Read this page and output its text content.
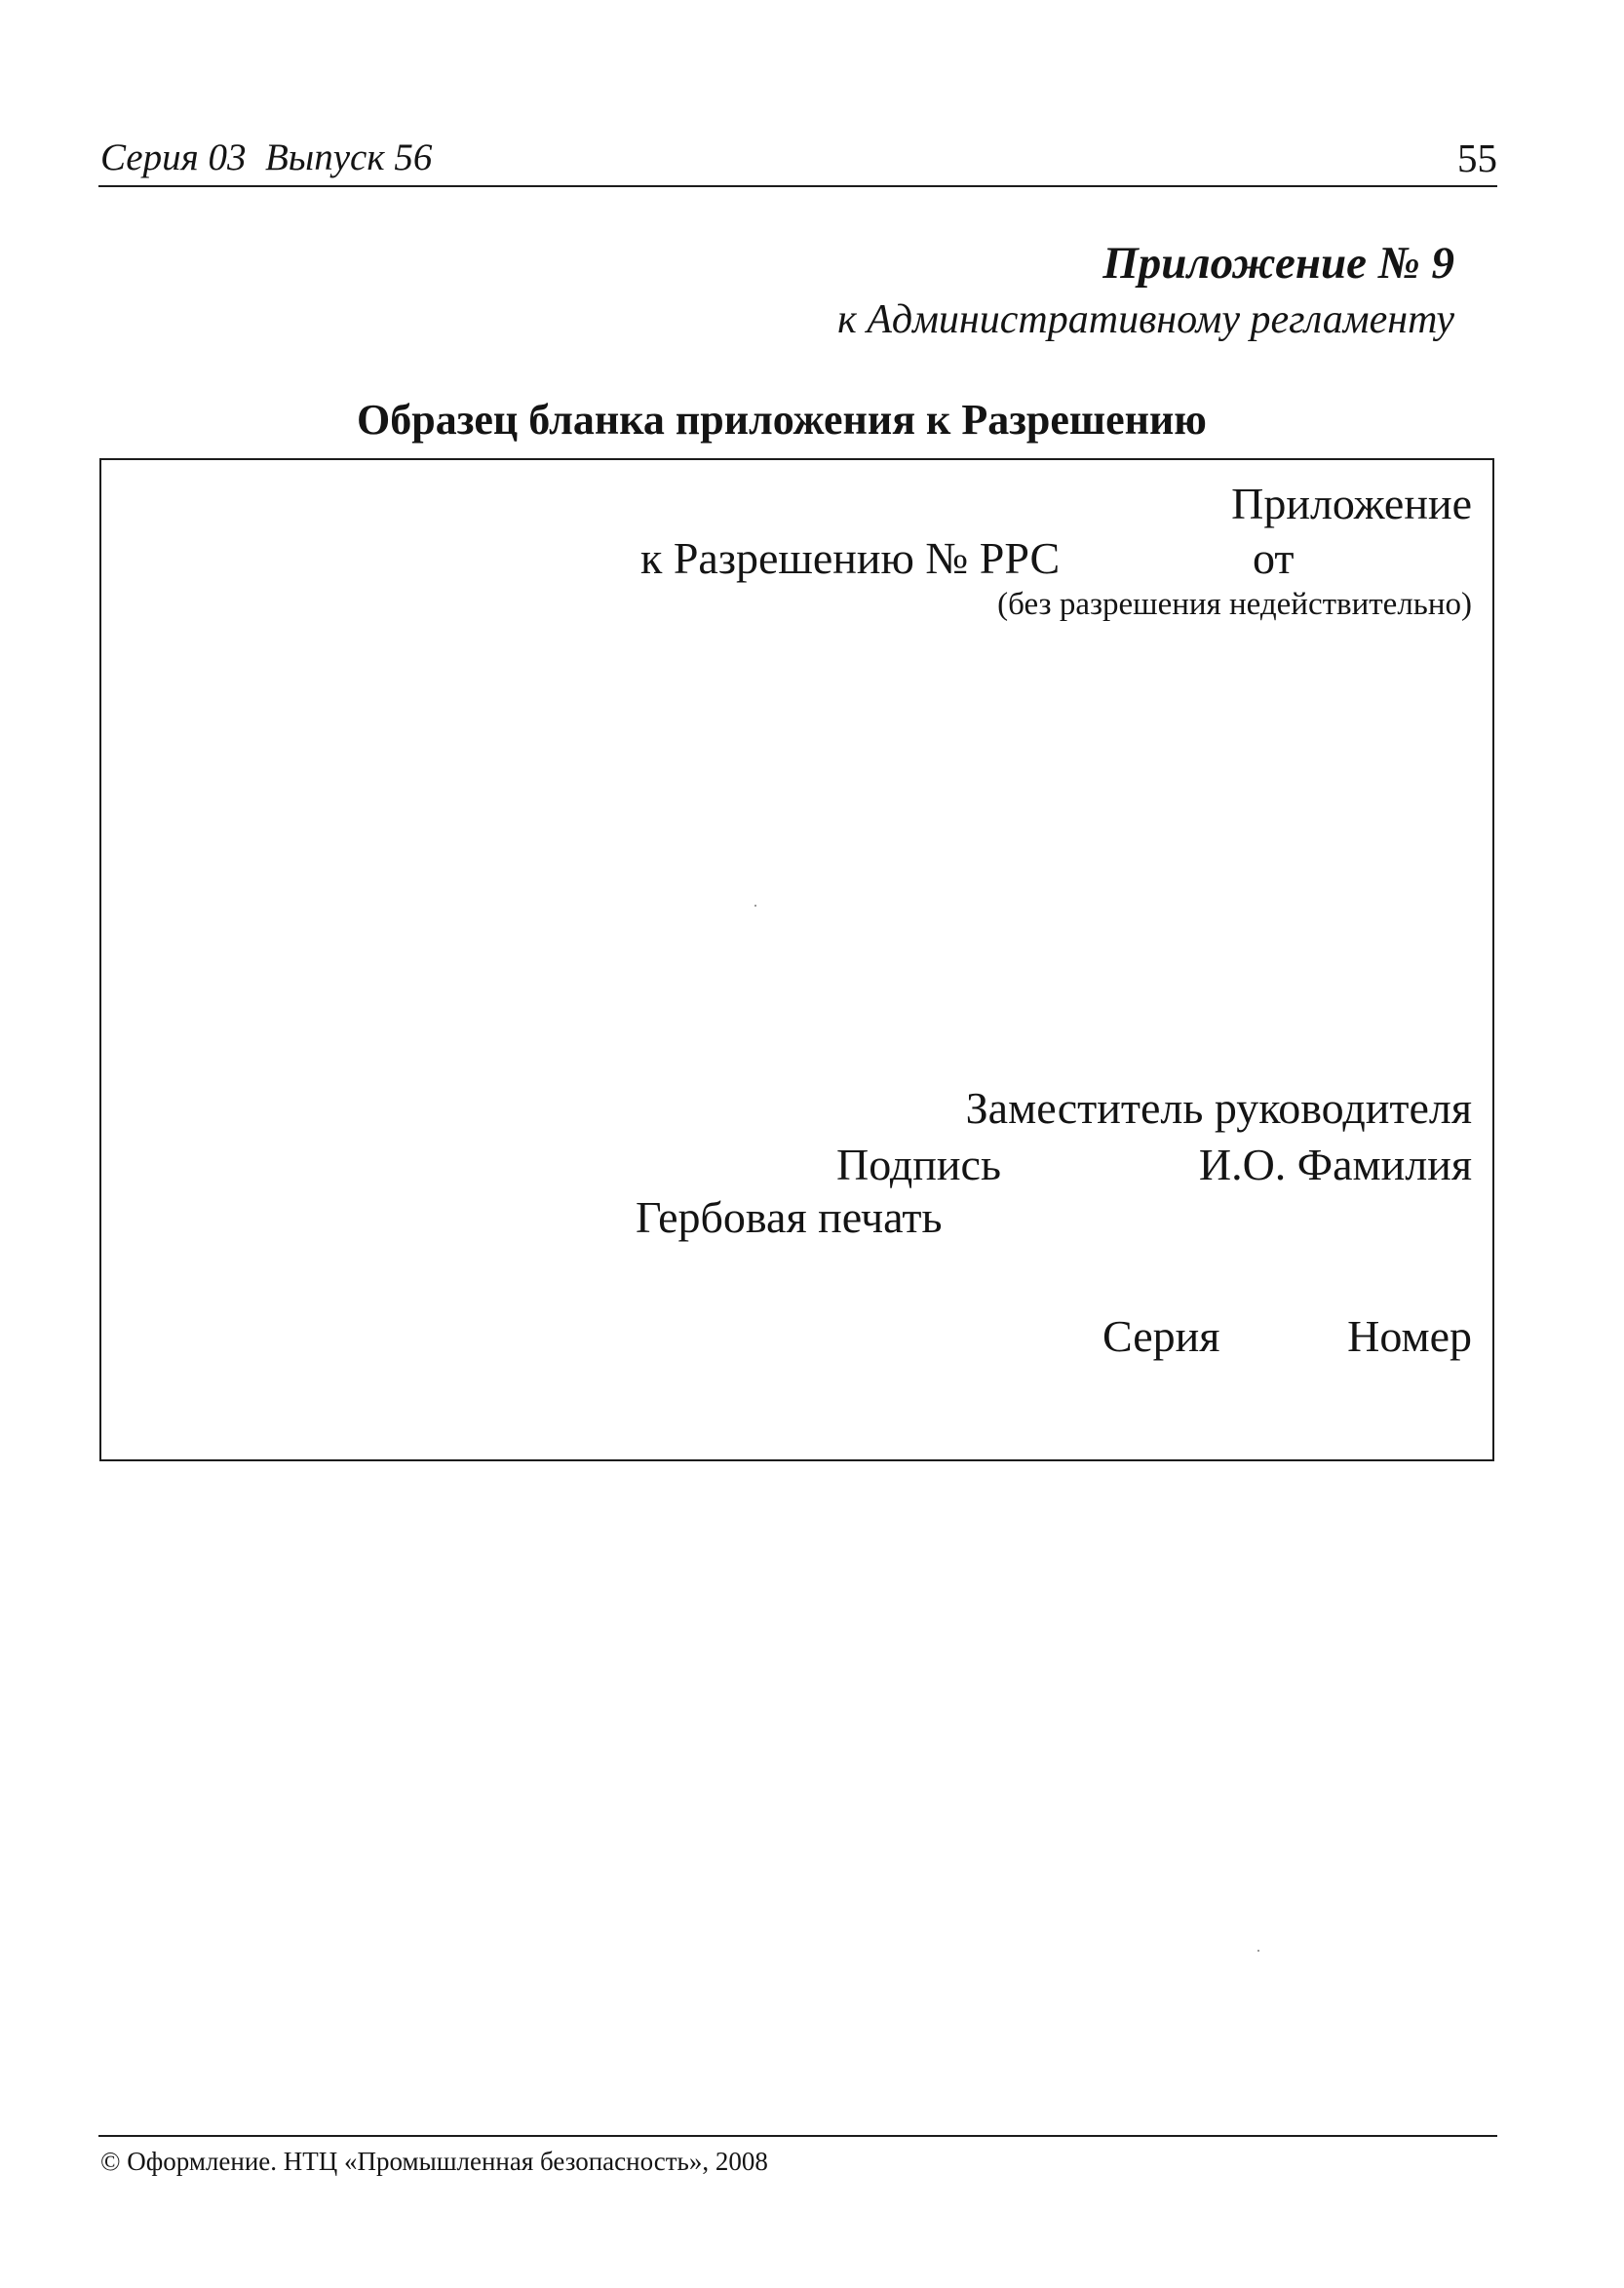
Серия 03  Выпуск 56	55
Приложение № 9
к Административному регламенту
Образец бланка приложения к Разрешению
Приложение
к Разрешению № РРС	от
(без разрешения недействительно)
Заместитель руководителя
Подпись	И.О. Фамилия
Гербовая печать
Серия	Номер
© Оформление. НТЦ «Промышленная безопасность», 2008
